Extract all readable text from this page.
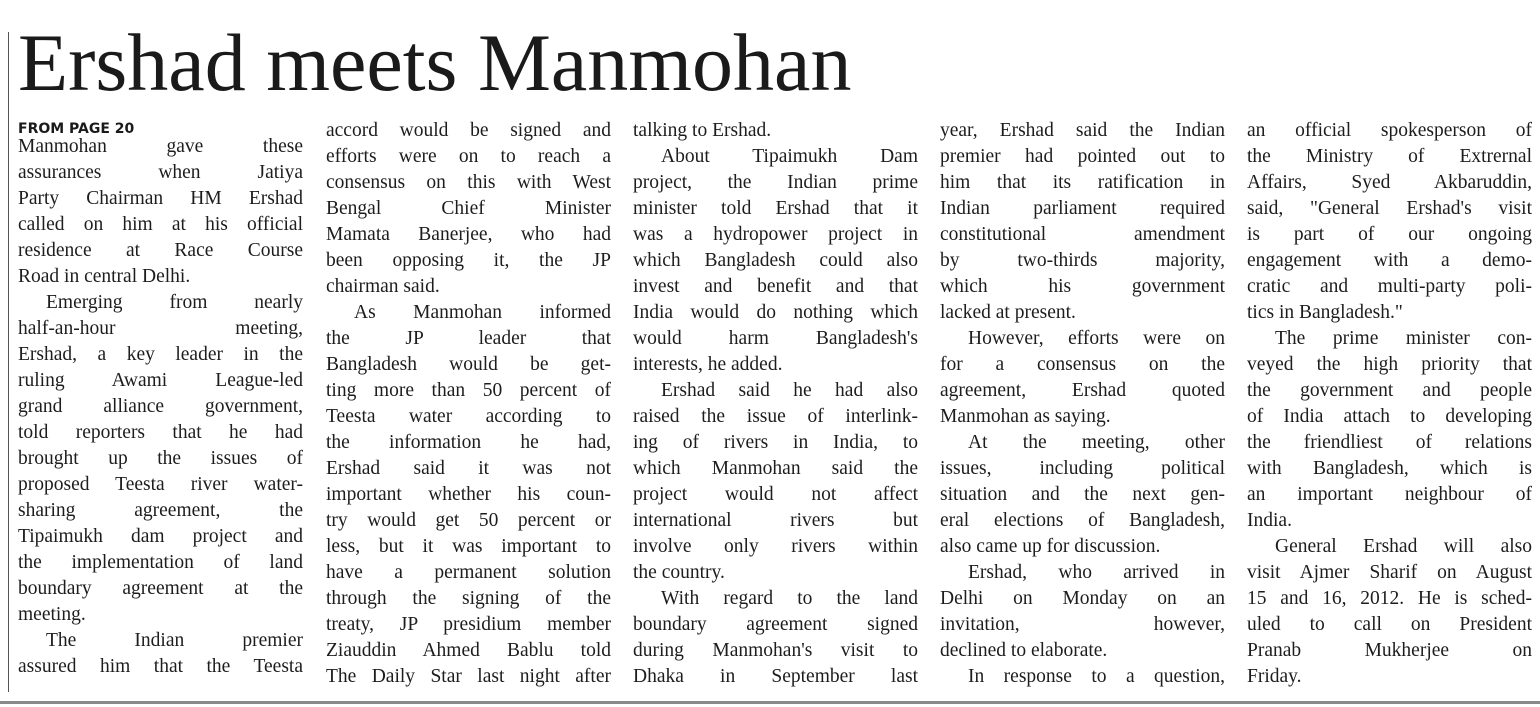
Ershad meets Manmohan
FROM PAGE 20
Manmohan gave these
assurances when Jatiya
Party Chairman HM Ershad
called on him at his official
residence at Race Course
Road in central Delhi.
Emerging from nearly
half-an-hour meeting,
Ershad, a key leader in the
ruling Awami League-led
grand alliance government,
told reporters that he had
brought up the issues of
proposed Teesta river water-
sharing agreement, the
Tipaimukh dam project and
the implementation of land
boundary agreement at the
meeting.
The Indian premier
assured him that the Teesta
accord would be signed and
efforts were on to reach a
consensus on this with West
Bengal Chief Minister
Mamata Banerjee, who had
been opposing it, the JP
chairman said.
As Manmohan informed
the JP leader that
Bangladesh would be get-
ting more than 50 percent of
Teesta water according to
the information he had,
Ershad said it was not
important whether his coun-
try would get 50 percent or
less, but it was important to
have a permanent solution
through the signing of the
treaty, JP presidium member
Ziauddin Ahmed Bablu told
The Daily Star last night after
talking to Ershad.
About Tipaimukh Dam
project, the Indian prime
minister told Ershad that it
was a hydropower project in
which Bangladesh could also
invest and benefit and that
India would do nothing which
would harm Bangladesh's
interests, he added.
Ershad said he had also
raised the issue of interlink-
ing of rivers in India, to
which Manmohan said the
project would not affect
international rivers but
involve only rivers within
the country.
With regard to the land
boundary agreement signed
during Manmohan's visit to
Dhaka in September last
year, Ershad said the Indian
premier had pointed out to
him that its ratification in
Indian parliament required
constitutional amendment
by two-thirds majority,
which his government
lacked at present.
However, efforts were on
for a consensus on the
agreement, Ershad quoted
Manmohan as saying.
At the meeting, other
issues, including political
situation and the next gen-
eral elections of Bangladesh,
also came up for discussion.
Ershad, who arrived in
Delhi on Monday on an
invitation, however,
declined to elaborate.
In response to a question,
an official spokesperson of
the Ministry of Extrernal
Affairs, Syed Akbaruddin,
said, "General Ershad's visit
is part of our ongoing
engagement with a demo-
cratic and multi-party poli-
tics in Bangladesh."
The prime minister con-
veyed the high priority that
the government and people
of India attach to developing
the friendliest of relations
with Bangladesh, which is
an important neighbour of
India.
General Ershad will also
visit Ajmer Sharif on August
15 and 16, 2012. He is sched-
uled to call on President
Pranab Mukherjee on
Friday.
